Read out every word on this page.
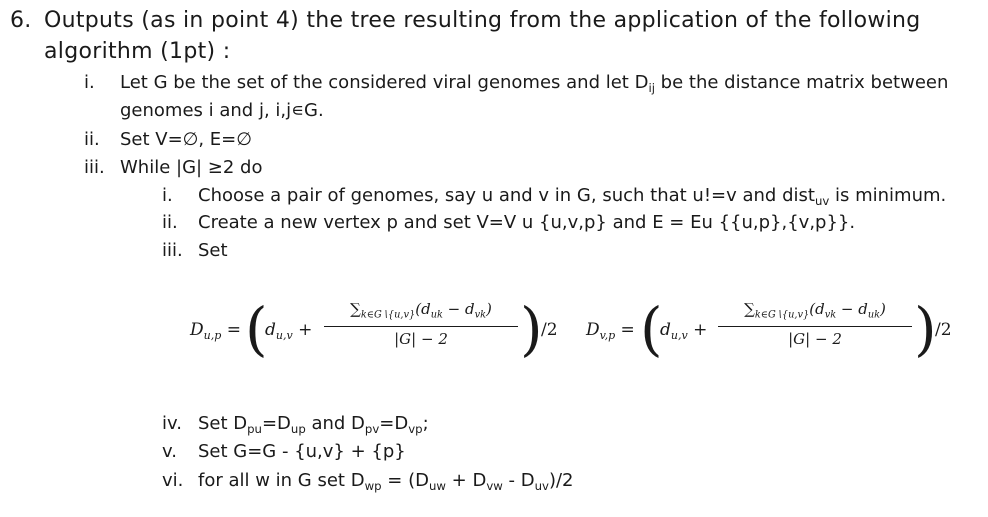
6. Outputs (as in point 4) the tree resulting from the application of the following
algorithm (1pt) :
i. Let G be the set of the considered viral genomes and let $D_{ij}$ be the distance matrix between
genomes i and j, i,j∊G.
ii. Set V=∅, E=∅
iii. While |G| ≥2 do
i. Choose a pair of genomes, say u and v in G, such that u!=v and dist$_{uv}$ is minimum.
ii. Create a new vertex p and set V=V u {u,v,p} and E = Eu {{u,p},{v,p}}.
iii. Set
$D_{u,p}$ = (
$d_{u,v}$ +
$\sum_{k\in G∖\{u,v\}}(d_{uk} - d_{vk})$
|G| − 2	)
/2 $D_{v,p}$ = (
$d_{u,v}$ +
$\sum_{k\in G∖\{u,v\}}(d_{vk} - d_{uk})$
|G| − 2	)
/2
iv. Set $D_{pu}=D_{up}$ and $D_{pv}=D_{vp}$;
v. Set G=G - {u,v} + {p}
vi. for all w in G set $D_{wp} = (D_{uw} + D_{vw} - D_{uv})/2$
